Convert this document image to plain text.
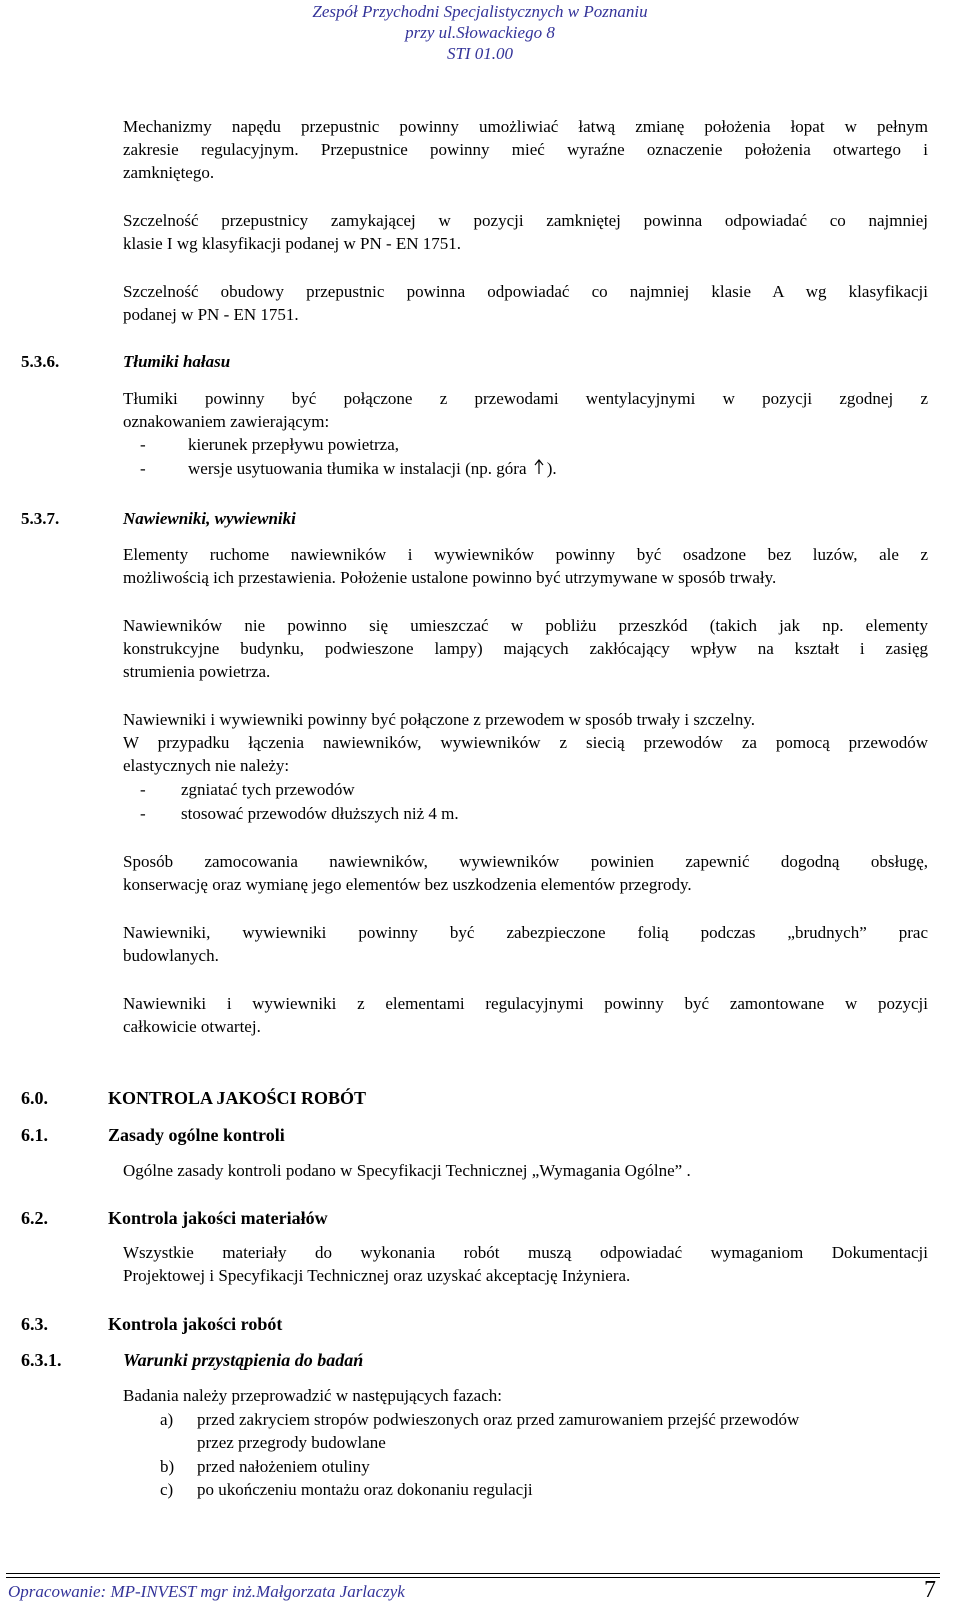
Zespół Przychodni Specjalistycznych w Poznaniu
przy ul.Słowackiego 8
STI 01.00
Mechanizmy napędu przepustnic powinny umożliwiać łatwą zmianę położenia łopat w pełnym
zakresie regulacyjnym. Przepustnice powinny mieć wyraźne oznaczenie położenia otwartego i
zamkniętego.
Szczelność przepustnicy zamykającej w pozycji zamkniętej powinna odpowiadać co najmniej
klasie I wg klasyfikacji podanej w PN - EN 1751.
Szczelność obudowy przepustnic powinna odpowiadać co najmniej klasie A wg klasyfikacji
podanej w PN - EN 1751.
5.3.6.	Tłumiki hałasu
Tłumiki powinny być połączone z przewodami wentylacyjnymi w pozycji zgodnej z
oznakowaniem zawierającym:
- kierunek przepływu powietrza,
- wersje usytuowania tłumika w instalacji (np. góra ).
5.3.7.	Nawiewniki, wywiewniki
Elementy ruchome nawiewników i wywiewników powinny być osadzone bez luzów, ale z
możliwością ich przestawienia. Położenie ustalone powinno być utrzymywane w sposób trwały.
Nawiewników nie powinno się umieszczać w pobliżu przeszkód (takich jak np. elementy
konstrukcyjne budynku, podwieszone lampy) mających zakłócający wpływ na kształt i zasięg
strumienia powietrza.
Nawiewniki i wywiewniki powinny być połączone z przewodem w sposób trwały i szczelny.
W przypadku łączenia nawiewników, wywiewników z siecią przewodów za pomocą przewodów
elastycznych nie należy:
- zgniatać tych przewodów
- stosować przewodów dłuższych niż 4 m.
Sposób zamocowania nawiewników, wywiewników powinien zapewnić dogodną obsługę,
konserwację oraz wymianę jego elementów bez uszkodzenia elementów przegrody.
Nawiewniki, wywiewniki powinny być zabezpieczone folią podczas „brudnych” prac
budowlanych.
Nawiewniki i wywiewniki z elementami regulacyjnymi powinny być zamontowane w pozycji
całkowicie otwartej.
6.0.	KONTROLA JAKOŚCI ROBÓT
6.1.	Zasady ogólne kontroli
Ogólne zasady kontroli podano w Specyfikacji Technicznej „Wymagania Ogólne” .
6.2.	Kontrola jakości materiałów
Wszystkie materiały do wykonania robót muszą odpowiadać wymaganiom Dokumentacji
Projektowej i Specyfikacji Technicznej oraz uzyskać akceptację Inżyniera.
6.3.	Kontrola jakości robót
6.3.1.	Warunki przystąpienia do badań
Badania należy przeprowadzić w następujących fazach:
a) przed zakryciem stropów podwieszonych oraz przed zamurowaniem przejść przewodów
przez przegrody budowlane
b) przed nałożeniem otuliny
c) po ukończeniu montażu oraz dokonaniu regulacji
Opracowanie: MP-INVEST mgr inż.Małgorzata Jarlaczyk	7
